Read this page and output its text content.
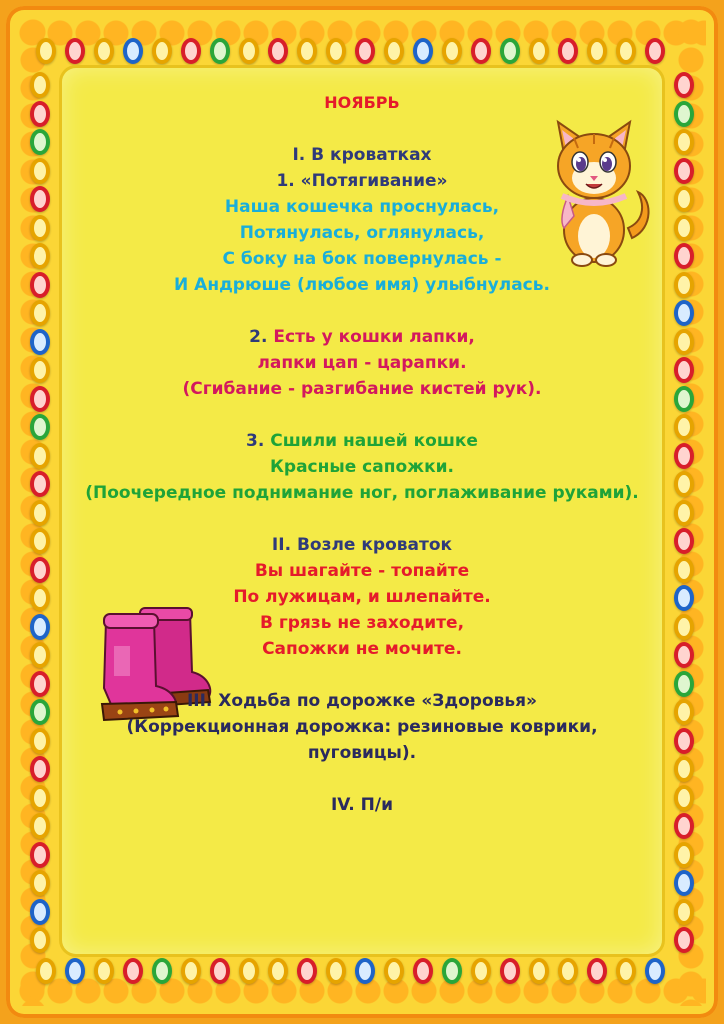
НОЯБРЬ
I. В кроватках
1. «Потягивание»
Наша кошечка проснулась,
Потянулась, оглянулась,
С боку на бок повернулась -
И Андрюше (любое имя) улыбнулась.
2. Есть у кошки лапки,
лапки цап - царапки.
(Сгибание - разгибание кистей рук).
3. Сшили нашей кошке
Красные сапожки.
(Поочередное поднимание ног, поглаживание руками).
II. Возле кроваток
Вы шагайте - топайте
По лужицам, и шлепайте.
В грязь не заходите,
Сапожки не мочите.
III. Ходьба по дорожке «Здоровья»
(Коррекционная дорожка: резиновые коврики, пуговицы).
IV. П/и
